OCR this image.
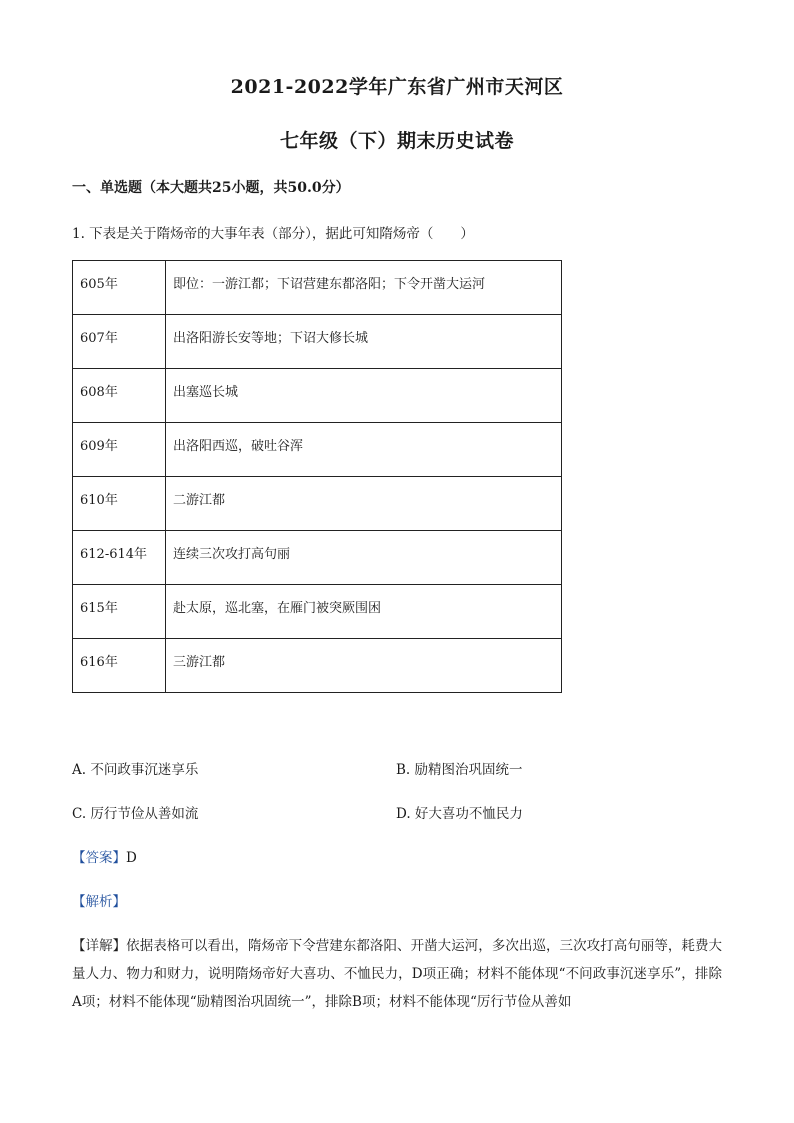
2021-2022学年广东省广州市天河区
七年级（下）期末历史试卷

一、单选题（本大题共25小题，共50.0分）

1. 下表是关于隋炀帝的大事年表（部分），据此可知隋炀帝（　　）

605年	即位：一游江都；下诏营建东都洛阳；下令开凿大运河
607年	出洛阳游长安等地；下诏大修长城
608年	出塞巡长城
609年	出洛阳西巡，破吐谷浑
610年	二游江都
612-614年	连续三次攻打高句丽
615年	赴太原，巡北塞，在雁门被突厥围困
616年	三游江都

A. 不问政事沉迷享乐	B. 励精图治巩固统一

C. 厉行节俭从善如流	D. 好大喜功不恤民力

【答案】D

【解析】

【详解】依据表格可以看出，隋炀帝下令营建东都洛阳、开凿大运河，多次出巡，三次攻打高句丽等，耗费大量人力、物力和财力，说明隋炀帝好大喜功、不恤民力，D项正确；材料不能体现“不问政事沉迷享乐”，排除A项；材料不能体现“励精图治巩固统一”，排除B项；材料不能体现“厉行节俭从善如
